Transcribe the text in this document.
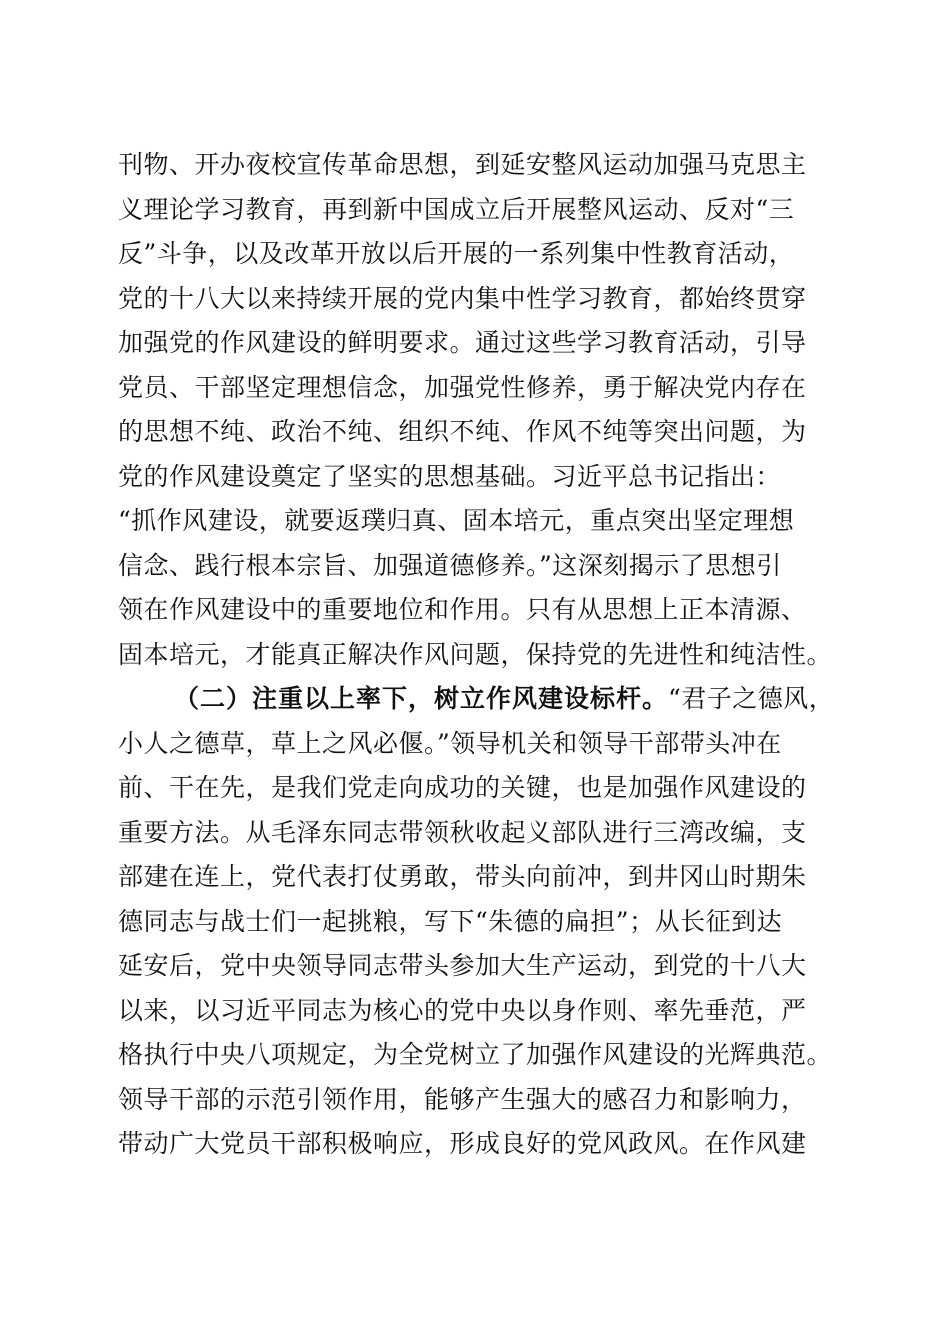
刊物、开办夜校宣传革命思想，到延安整风运动加强马克思主
义理论学习教育，再到新中国成立后开展整风运动、反对“三
反”斗争，以及改革开放以后开展的一系列集中性教育活动，
党的十八大以来持续开展的党内集中性学习教育，都始终贯穿
加强党的作风建设的鲜明要求。通过这些学习教育活动，引导
党员、干部坚定理想信念，加强党性修养，勇于解决党内存在
的思想不纯、政治不纯、组织不纯、作风不纯等突出问题，为
党的作风建设奠定了坚实的思想基础。习近平总书记指出：
“抓作风建设，就要返璞归真、固本培元，重点突出坚定理想
信念、践行根本宗旨、加强道德修养。”这深刻揭示了思想引
领在作风建设中的重要地位和作用。只有从思想上正本清源、
固本培元，才能真正解决作风问题，保持党的先进性和纯洁性。
（二）注重以上率下，树立作风建设标杆。“君子之德风，
小人之德草，草上之风必偃。”领导机关和领导干部带头冲在
前、干在先，是我们党走向成功的关键，也是加强作风建设的
重要方法。从毛泽东同志带领秋收起义部队进行三湾改编，支
部建在连上，党代表打仗勇敢，带头向前冲，到井冈山时期朱
德同志与战士们一起挑粮，写下“朱德的扁担”；从长征到达
延安后，党中央领导同志带头参加大生产运动，到党的十八大
以来，以习近平同志为核心的党中央以身作则、率先垂范，严
格执行中央八项规定，为全党树立了加强作风建设的光辉典范。
领导干部的示范引领作用，能够产生强大的感召力和影响力，
带动广大党员干部积极响应，形成良好的党风政风。在作风建
